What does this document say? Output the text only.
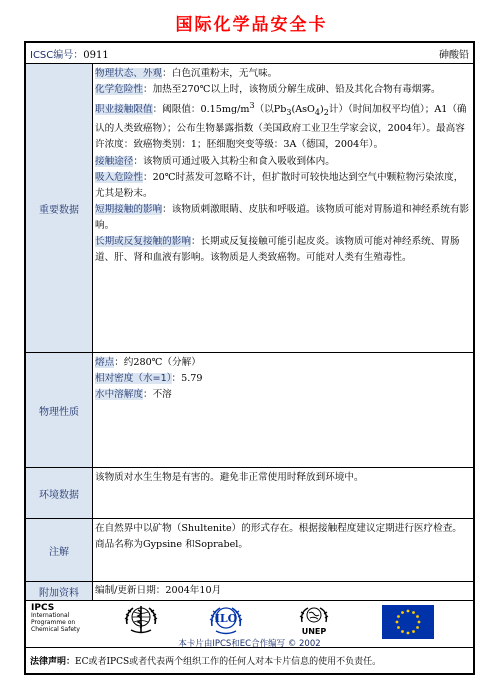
国际化学品安全卡
ICSC编号：0911	砷酸铅
重要数据
物理状态、外观：白色沉重粉末，无气味。
化学危险性：加热至270℃以上时，该物质分解生成砷、铅及其化合物有毒烟雾。
职业接触限值：阈限值：$0.15mg/m^3$（以$Pb_3(AsO_4)_2$计）（时间加权平均值）；A1（确认的人类致癌物）；公布生物暴露指数（美国政府工业卫生学家会议，2004年）。最高容许浓度：致癌物类别：1；胚细胞突变等级：3A（德国，2004年）。
接触途径：该物质可通过吸入其粉尘和食入吸收到体内。
吸入危险性：20℃时蒸发可忽略不计，但扩散时可较快地达到空气中颗粒物污染浓度，尤其是粉末。
短期接触的影响：该物质刺激眼睛、皮肤和呼吸道。该物质可能对胃肠道和神经系统有影响。
长期或反复接触的影响：长期或反复接触可能引起皮炎。该物质可能对神经系统、胃肠道、肝、肾和血液有影响。该物质是人类致癌物。可能对人类有生殖毒性。
物理性质
熔点：约280℃（分解）
相对密度（水=1）：5.79
水中溶解度：不溶
环境数据
该物质对水生生物是有害的。避免非正常使用时释放到环境中。
注解
在自然界中以矿物（Shultenite）的形式存在。根据接触程度建议定期进行医疗检查。商品名称为Gypsine 和Soprabel。
附加资料	编制/更新日期：2004年10月
IPCS
International
Programme on
Chemical Safety
ILO
UNEP
本卡片由IPCS和EC合作编写 © 2002
法律声明：EC或者IPCS或者代表两个组织工作的任何人对本卡片信息的使用不负责任。
